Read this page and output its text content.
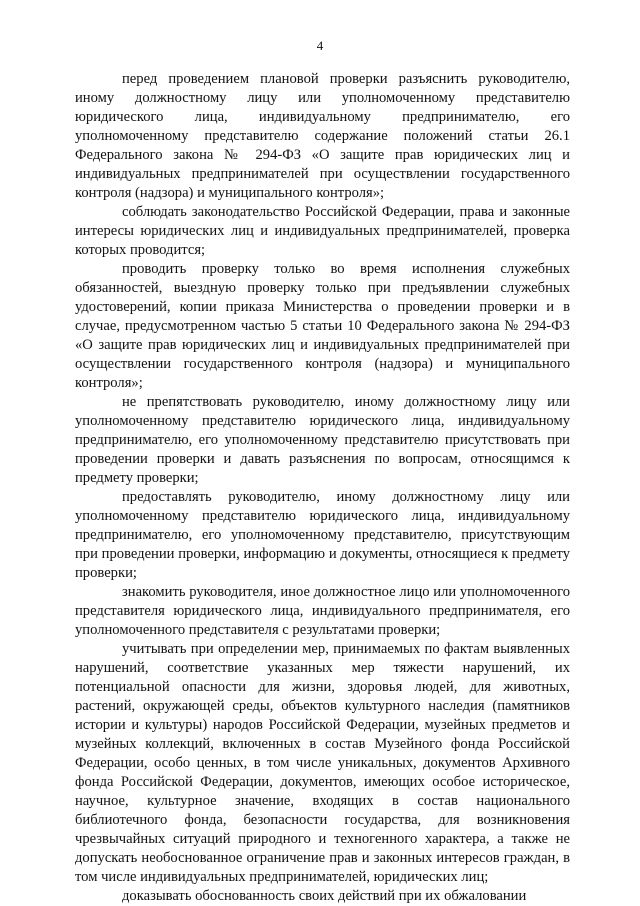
4

перед проведением плановой проверки разъяснить руководителю, иному должностному лицу или уполномоченному представителю юридического лица, индивидуальному предпринимателю, его уполномоченному представителю содержание положений статьи 26.1 Федерального закона № 294-ФЗ «О защите прав юридических лиц и индивидуальных предпринимателей при осуществлении государственного контроля (надзора) и муниципального контроля»;

соблюдать законодательство Российской Федерации, права и законные интересы юридических лиц и индивидуальных предпринимателей, проверка которых проводится;

проводить проверку только во время исполнения служебных обязанностей, выездную проверку только при предъявлении служебных удостоверений, копии приказа Министерства о проведении проверки и в случае, предусмотренном частью 5 статьи 10 Федерального закона № 294-ФЗ «О защите прав юридических лиц и индивидуальных предпринимателей при осуществлении государственного контроля (надзора) и муниципального контроля»;

не препятствовать руководителю, иному должностному лицу или уполномоченному представителю юридического лица, индивидуальному предпринимателю, его уполномоченному представителю присутствовать при проведении проверки и давать разъяснения по вопросам, относящимся к предмету проверки;

предоставлять руководителю, иному должностному лицу или уполномоченному представителю юридического лица, индивидуальному предпринимателю, его уполномоченному представителю, присутствующим при проведении проверки, информацию и документы, относящиеся к предмету проверки;

знакомить руководителя, иное должностное лицо или уполномоченного представителя юридического лица, индивидуального предпринимателя, его уполномоченного представителя с результатами проверки;

учитывать при определении мер, принимаемых по фактам выявленных нарушений, соответствие указанных мер тяжести нарушений, их потенциальной опасности для жизни, здоровья людей, для животных, растений, окружающей среды, объектов культурного наследия (памятников истории и культуры) народов Российской Федерации, музейных предметов и музейных коллекций, включенных в состав Музейного фонда Российской Федерации, особо ценных, в том числе уникальных, документов Архивного фонда Российской Федерации, документов, имеющих особое историческое, научное, культурное значение, входящих в состав национального библиотечного фонда, безопасности государства, для возникновения чрезвычайных ситуаций природного и техногенного характера, а также не допускать необоснованное ограничение прав и законных интересов граждан, в том числе индивидуальных предпринимателей, юридических лиц;

доказывать обоснованность своих действий при их обжаловании
